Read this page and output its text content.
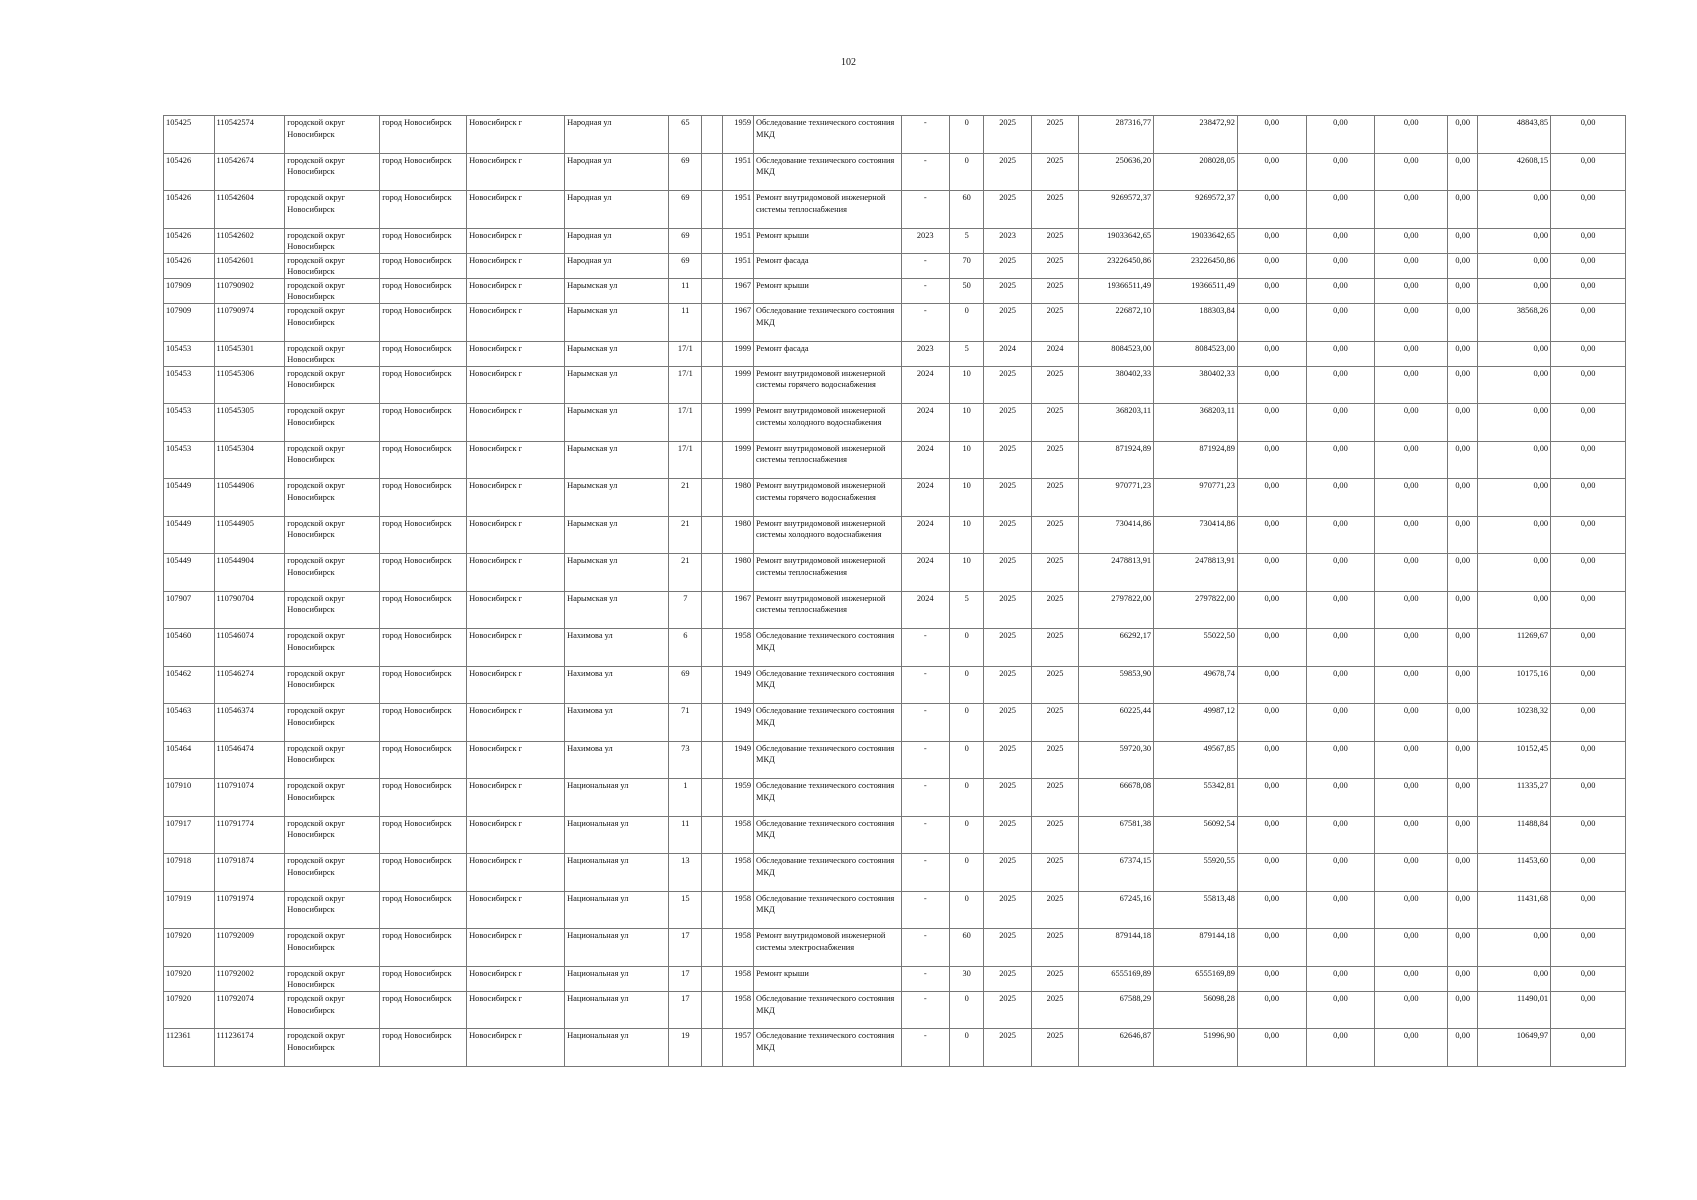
102
105425	110542574	городской округ Новосибирск	город Новосибирск	Новосибирск г	Народная ул	65		1959	Обследование технического состояния МКД	-	0	2025	2025	287316,77	238472,92	0,00	0,00	0,00	0,00	48843,85	0,00
105426	110542674	городской округ Новосибирск	город Новосибирск	Новосибирск г	Народная ул	69		1951	Обследование технического состояния МКД	-	0	2025	2025	250636,20	208028,05	0,00	0,00	0,00	0,00	42608,15	0,00
105426	110542604	городской округ Новосибирск	город Новосибирск	Новосибирск г	Народная ул	69		1951	Ремонт внутридомовой инженерной системы теплоснабжения	-	60	2025	2025	9269572,37	9269572,37	0,00	0,00	0,00	0,00	0,00	0,00
105426	110542602	городской округ Новосибирск	город Новосибирск	Новосибирск г	Народная ул	69		1951	Ремонт крыши	2023	5	2023	2025	19033642,65	19033642,65	0,00	0,00	0,00	0,00	0,00	0,00
105426	110542601	городской округ Новосибирск	город Новосибирск	Новосибирск г	Народная ул	69		1951	Ремонт фасада	-	70	2025	2025	23226450,86	23226450,86	0,00	0,00	0,00	0,00	0,00	0,00
107909	110790902	городской округ Новосибирск	город Новосибирск	Новосибирск г	Нарымская ул	11		1967	Ремонт крыши	-	50	2025	2025	19366511,49	19366511,49	0,00	0,00	0,00	0,00	0,00	0,00
107909	110790974	городской округ Новосибирск	город Новосибирск	Новосибирск г	Нарымская ул	11		1967	Обследование технического состояния МКД	-	0	2025	2025	226872,10	188303,84	0,00	0,00	0,00	0,00	38568,26	0,00
105453	110545301	городской округ Новосибирск	город Новосибирск	Новосибирск г	Нарымская ул	17/1		1999	Ремонт фасада	2023	5	2024	2024	8084523,00	8084523,00	0,00	0,00	0,00	0,00	0,00	0,00
105453	110545306	городской округ Новосибирск	город Новосибирск	Новосибирск г	Нарымская ул	17/1		1999	Ремонт внутридомовой инженерной системы горячего водоснабжения	2024	10	2025	2025	380402,33	380402,33	0,00	0,00	0,00	0,00	0,00	0,00
105453	110545305	городской округ Новосибирск	город Новосибирск	Новосибирск г	Нарымская ул	17/1		1999	Ремонт внутридомовой инженерной системы холодного водоснабжения	2024	10	2025	2025	368203,11	368203,11	0,00	0,00	0,00	0,00	0,00	0,00
105453	110545304	городской округ Новосибирск	город Новосибирск	Новосибирск г	Нарымская ул	17/1		1999	Ремонт внутридомовой инженерной системы теплоснабжения	2024	10	2025	2025	871924,89	871924,89	0,00	0,00	0,00	0,00	0,00	0,00
105449	110544906	городской округ Новосибирск	город Новосибирск	Новосибирск г	Нарымская ул	21		1980	Ремонт внутридомовой инженерной системы горячего водоснабжения	2024	10	2025	2025	970771,23	970771,23	0,00	0,00	0,00	0,00	0,00	0,00
105449	110544905	городской округ Новосибирск	город Новосибирск	Новосибирск г	Нарымская ул	21		1980	Ремонт внутридомовой инженерной системы холодного водоснабжения	2024	10	2025	2025	730414,86	730414,86	0,00	0,00	0,00	0,00	0,00	0,00
105449	110544904	городской округ Новосибирск	город Новосибирск	Новосибирск г	Нарымская ул	21		1980	Ремонт внутридомовой инженерной системы теплоснабжения	2024	10	2025	2025	2478813,91	2478813,91	0,00	0,00	0,00	0,00	0,00	0,00
107907	110790704	городской округ Новосибирск	город Новосибирск	Новосибирск г	Нарымская ул	7		1967	Ремонт внутридомовой инженерной системы теплоснабжения	2024	5	2025	2025	2797822,00	2797822,00	0,00	0,00	0,00	0,00	0,00	0,00
105460	110546074	городской округ Новосибирск	город Новосибирск	Новосибирск г	Нахимова ул	6		1958	Обследование технического состояния МКД	-	0	2025	2025	66292,17	55022,50	0,00	0,00	0,00	0,00	11269,67	0,00
105462	110546274	городской округ Новосибирск	город Новосибирск	Новосибирск г	Нахимова ул	69		1949	Обследование технического состояния МКД	-	0	2025	2025	59853,90	49678,74	0,00	0,00	0,00	0,00	10175,16	0,00
105463	110546374	городской округ Новосибирск	город Новосибирск	Новосибирск г	Нахимова ул	71		1949	Обследование технического состояния МКД	-	0	2025	2025	60225,44	49987,12	0,00	0,00	0,00	0,00	10238,32	0,00
105464	110546474	городской округ Новосибирск	город Новосибирск	Новосибирск г	Нахимова ул	73		1949	Обследование технического состояния МКД	-	0	2025	2025	59720,30	49567,85	0,00	0,00	0,00	0,00	10152,45	0,00
107910	110791074	городской округ Новосибирск	город Новосибирск	Новосибирск г	Национальная ул	1		1959	Обследование технического состояния МКД	-	0	2025	2025	66678,08	55342,81	0,00	0,00	0,00	0,00	11335,27	0,00
107917	110791774	городской округ Новосибирск	город Новосибирск	Новосибирск г	Национальная ул	11		1958	Обследование технического состояния МКД	-	0	2025	2025	67581,38	56092,54	0,00	0,00	0,00	0,00	11488,84	0,00
107918	110791874	городской округ Новосибирск	город Новосибирск	Новосибирск г	Национальная ул	13		1958	Обследование технического состояния МКД	-	0	2025	2025	67374,15	55920,55	0,00	0,00	0,00	0,00	11453,60	0,00
107919	110791974	городской округ Новосибирск	город Новосибирск	Новосибирск г	Национальная ул	15		1958	Обследование технического состояния МКД	-	0	2025	2025	67245,16	55813,48	0,00	0,00	0,00	0,00	11431,68	0,00
107920	110792009	городской округ Новосибирск	город Новосибирск	Новосибирск г	Национальная ул	17		1958	Ремонт внутридомовой инженерной системы электроснабжения	-	60	2025	2025	879144,18	879144,18	0,00	0,00	0,00	0,00	0,00	0,00
107920	110792002	городской округ Новосибирск	город Новосибирск	Новосибирск г	Национальная ул	17		1958	Ремонт крыши	-	30	2025	2025	6555169,89	6555169,89	0,00	0,00	0,00	0,00	0,00	0,00
107920	110792074	городской округ Новосибирск	город Новосибирск	Новосибирск г	Национальная ул	17		1958	Обследование технического состояния МКД	-	0	2025	2025	67588,29	56098,28	0,00	0,00	0,00	0,00	11490,01	0,00
112361	111236174	городской округ Новосибирск	город Новосибирск	Новосибирск г	Национальная ул	19		1957	Обследование технического состояния МКД	-	0	2025	2025	62646,87	51996,90	0,00	0,00	0,00	0,00	10649,97	0,00
